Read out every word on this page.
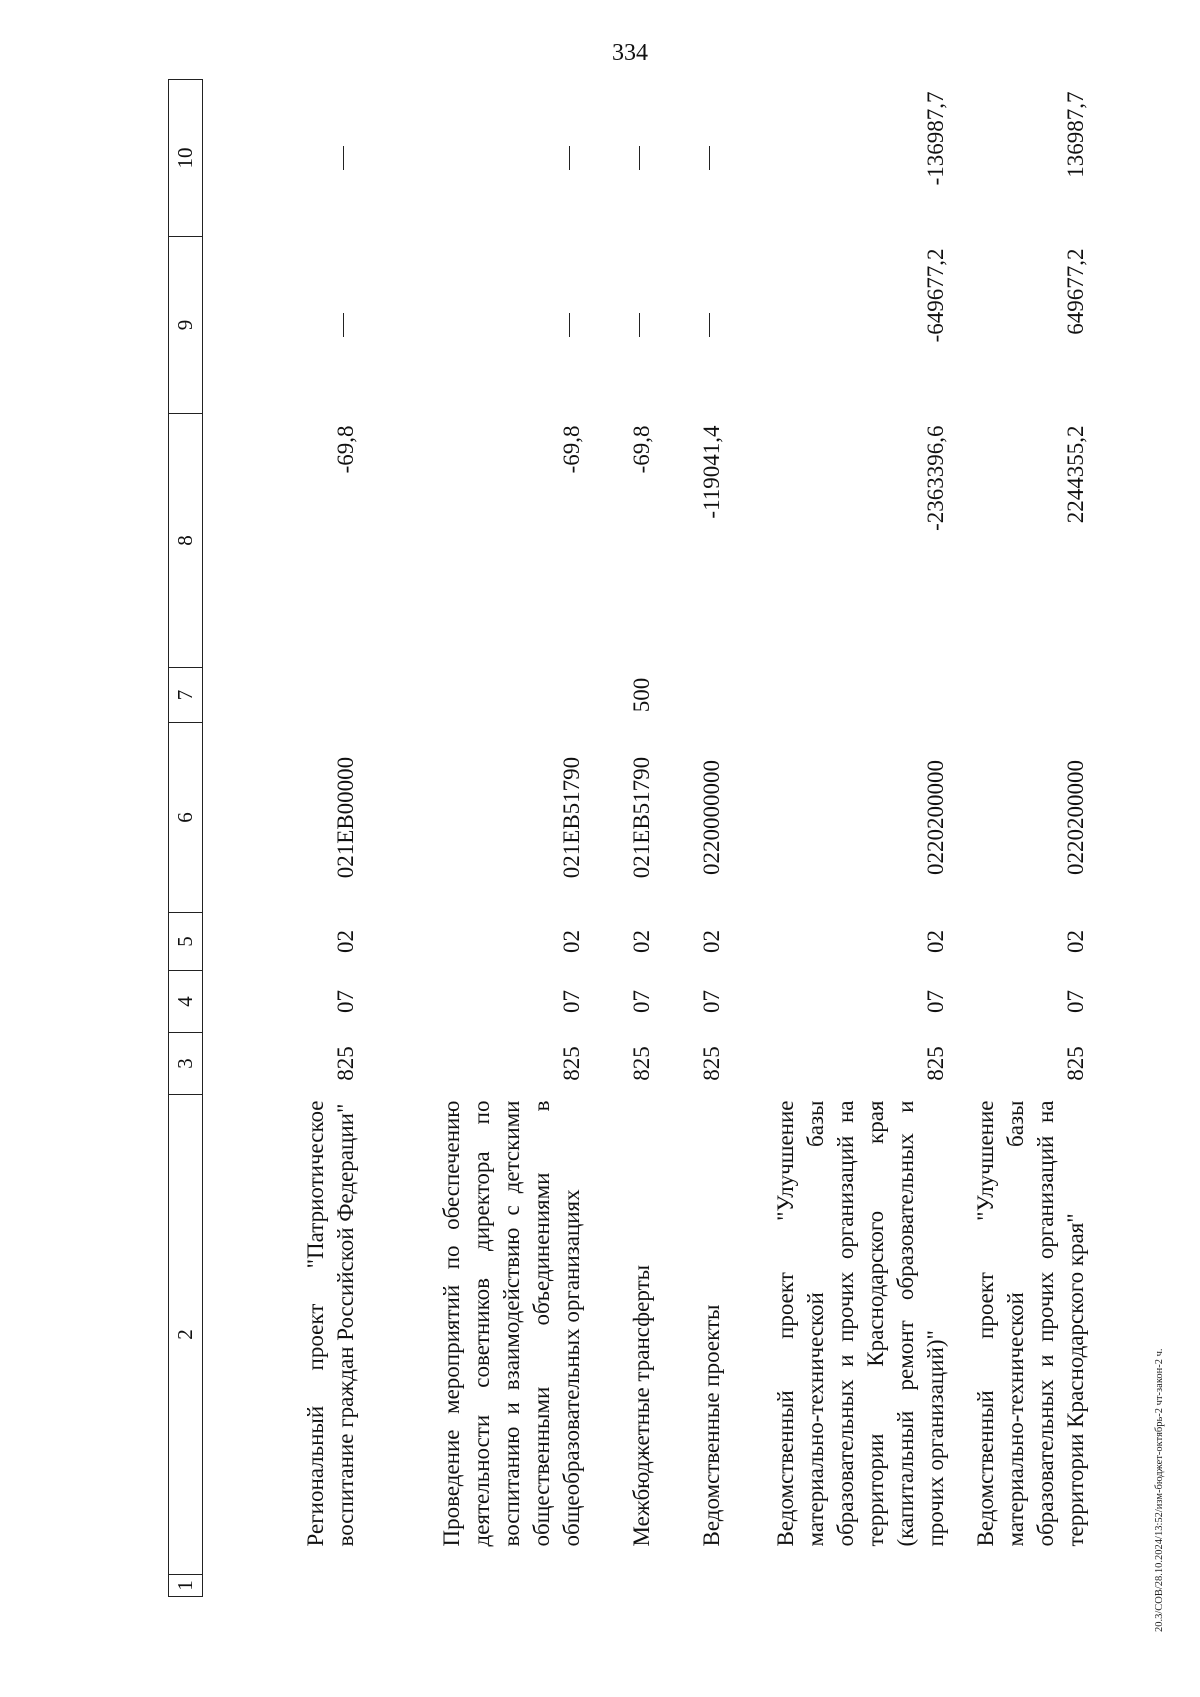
334
1	2	3	4	5	6	7	8	9	10
	Региональный проект "Патриотическое воспитание граждан Российской Федерации"	825	07	02	021EB00000		-69,8		
	Проведение мероприятий по обеспечению деятельности советников директора по воспитанию и взаимодействию с детскими общественными объединениями в общеобразовательных организациях	825	07	02	021EB51790		-69,8		
	Межбюджетные трансферты	825	07	02	021EB51790	500	-69,8		
	Ведомственные проекты	825	07	02	0220000000		-119041,4		
	Ведомственный проект "Улучшение материально-технической базы образовательных и прочих организаций на территории Краснодарского края (капитальный ремонт образовательных и прочих организаций)"	825	07	02	0220200000		-2363396,6	-649677,2	-136987,7
	Ведомственный проект "Улучшение материально-технической базы образовательных и прочих организаций на территории Краснодарского края"	825	07	02	0220200000		2244355,2	649677,2	136987,7
20.3/СОВ/28.10.2024/13:52/изм-бюджет-октябрь-2 чт-закон-2 ч.
